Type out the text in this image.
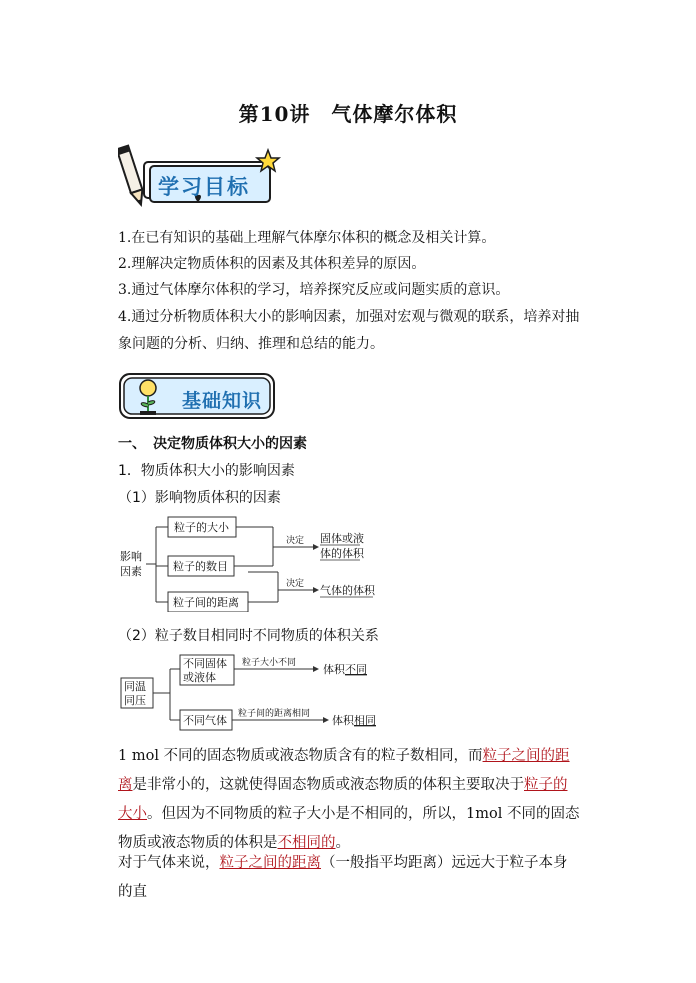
第10讲　气体摩尔体积
学习目标
1.在已有知识的基础上理解气体摩尔体积的概念及相关计算。
2.理解决定物质体积的因素及其体积差异的原因。
3.通过气体摩尔体积的学习，培养探究反应或问题实质的意识。
4.通过分析物质体积大小的影响因素，加强对宏观与微观的联系，培养对抽
象问题的分析、归纳、推理和总结的能力。
基础知识
一、　决定物质体积大小的因素
1．物质体积大小的影响因素
（1）影响物质体积的因素
影响
因素
粒子的大小
粒子的数目
粒子间的距离
决定
决定
固体或液
体的体积
气体的体积
（2）粒子数目相同时不同物质的体积关系
同温
同压
不同固体
或液体
不同气体
粒子大小不同
粒子间的距离相同
体积 不同
体积 相同
1 mol 不同的固态物质或液态物质含有的粒子数相同，而粒子之间的距离是非常小的，这就使得固态物质或液态物质的体积主要取决于粒子的大小。但因为不同物质的粒子大小是不相同的，所以，1mol 不同的固态物质或液态物质的体积是不相同的。
对于气体来说，粒子之间的距离（一般指平均距离）远远大于粒子本身的直
